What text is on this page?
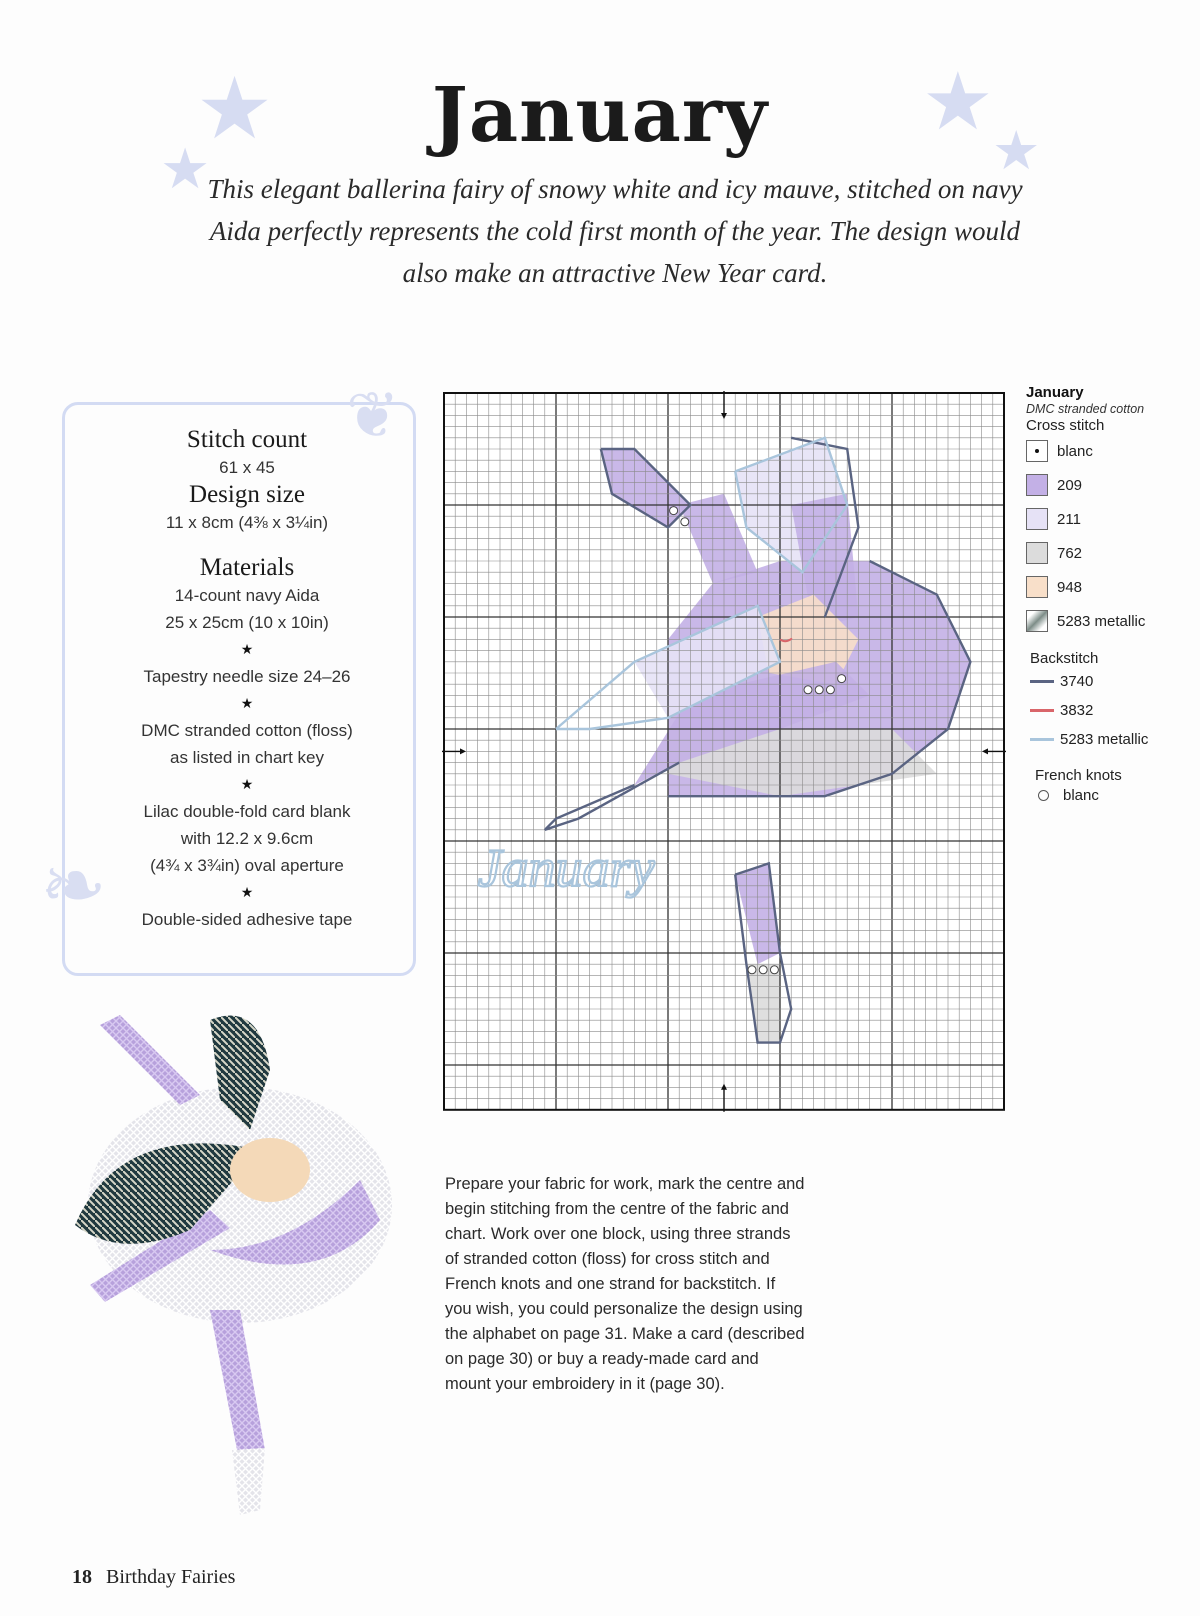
★
★
★
★
January

This elegant ballerina fairy of snowy white and icy mauve, stitched on navy Aida perfectly represents the cold first month of the year. The design would also make an attractive New Year card.

❦
❧
Stitch count
61 x 45
Design size
11 x 8cm (4⅜ x 3¼in)
Materials
14-count navy Aida
25 x 25cm (10 x 10in)
★
Tapestry needle size 24–26
★
DMC stranded cotton (floss)
as listed in chart key
★
Lilac double-fold card blank
with 12.2 x 9.6cm
(4¾ x 3¾in) oval aperture
★
Double-sided adhesive tape
January
January
DMC stranded cotton
Cross stitch
blanc
209
211
762
948
5283 metallic
Backstitch
3740
3832
5283 metallic
French knots
blanc

Prepare your fabric for work, mark the centre and begin stitching from the centre of the fabric and chart. Work over one block, using three strands of stranded cotton (floss) for cross stitch and French knots and one strand for backstitch. If you wish, you could personalize the design using the alphabet on page 31. Make a card (described on page 30) or buy a ready-made card and mount your embroidery in it (page 30).

18 Birthday Fairies
